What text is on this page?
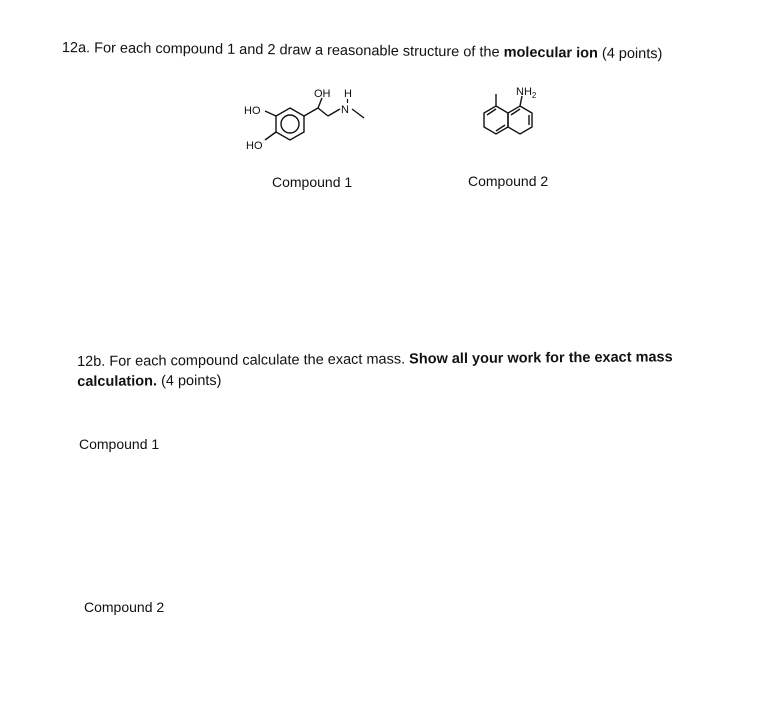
12a. For each compound 1 and 2 draw a reasonable structure of the molecular ion (4 points)
HO
HO
OH H
N
Compound 1
$NH_2$
Compound 2
12b. For each compound calculate the exact mass. Show all your work for the exact mass calculation. (4 points)
Compound 1
Compound 2
